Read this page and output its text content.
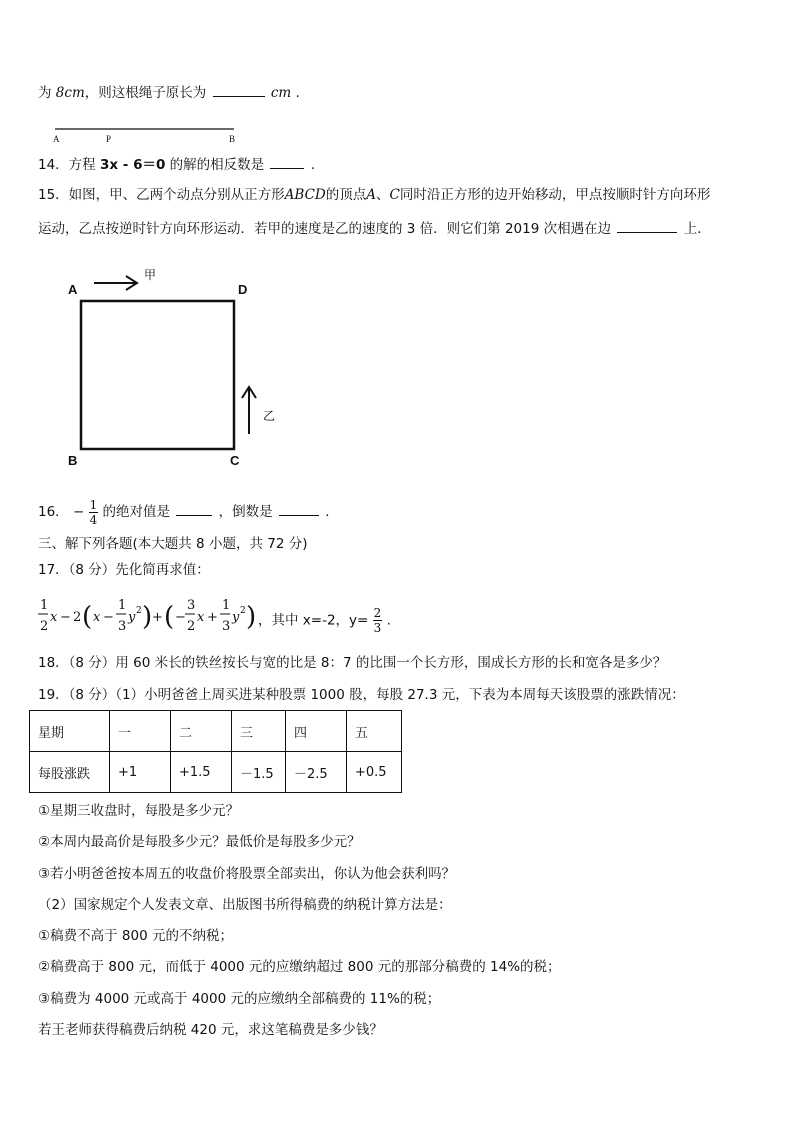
为 8cm，则这根绳子原长为	cm .
A	P	B
14．方程 3x - 6＝0 的解的相反数是	.
15．如图，甲、乙两个动点分别从正方形ABCD的顶点A、C同时沿正方形的边开始移动，甲点按顺时针方向环形
运动，乙点按逆时针方向环形运动．若甲的速度是乙的速度的 3 倍．则它们第 2019 次相遇在边	上．
A	D
B	C
甲
乙
16． − $\frac{1}{4}$ 的绝对值是	，倒数是	.
三、解下列各题(本大题共 8 小题，共 72 分)
17．（8 分）先化简再求值：
1
2
x − 2 ( x −
1
3
y 2 ) + ( −
3
2
x +
1
3
y 2 ) ，其中 x=-2，$y= \frac{2}{3}$ .
18．（8 分）用 60 米长的铁丝按长与宽的比是 8：7 的比围一个长方形，围成长方形的长和宽各是多少？
19．（8 分）（1）小明爸爸上周买进某种股票 1000 股，每股 27.3 元，下表为本周每天该股票的涨跌情况：
星期	一	二	三	四	五
每股涨跌	+1	+1.5	－1.5	－2.5	+0.5
①星期三收盘时，每股是多少元？
②本周内最高价是每股多少元？最低价是每股多少元？
③若小明爸爸按本周五的收盘价将股票全部卖出，你认为他会获利吗？
（2）国家规定个人发表文章、出版图书所得稿费的纳税计算方法是：
①稿费不高于 800 元的不纳税；
②稿费高于 800 元，而低于 4000 元的应缴纳超过 800 元的那部分稿费的 14%的税；
③稿费为 4000 元或高于 4000 元的应缴纳全部稿费的 11%的税；
若王老师获得稿费后纳税 420 元，求这笔稿费是多少钱？
